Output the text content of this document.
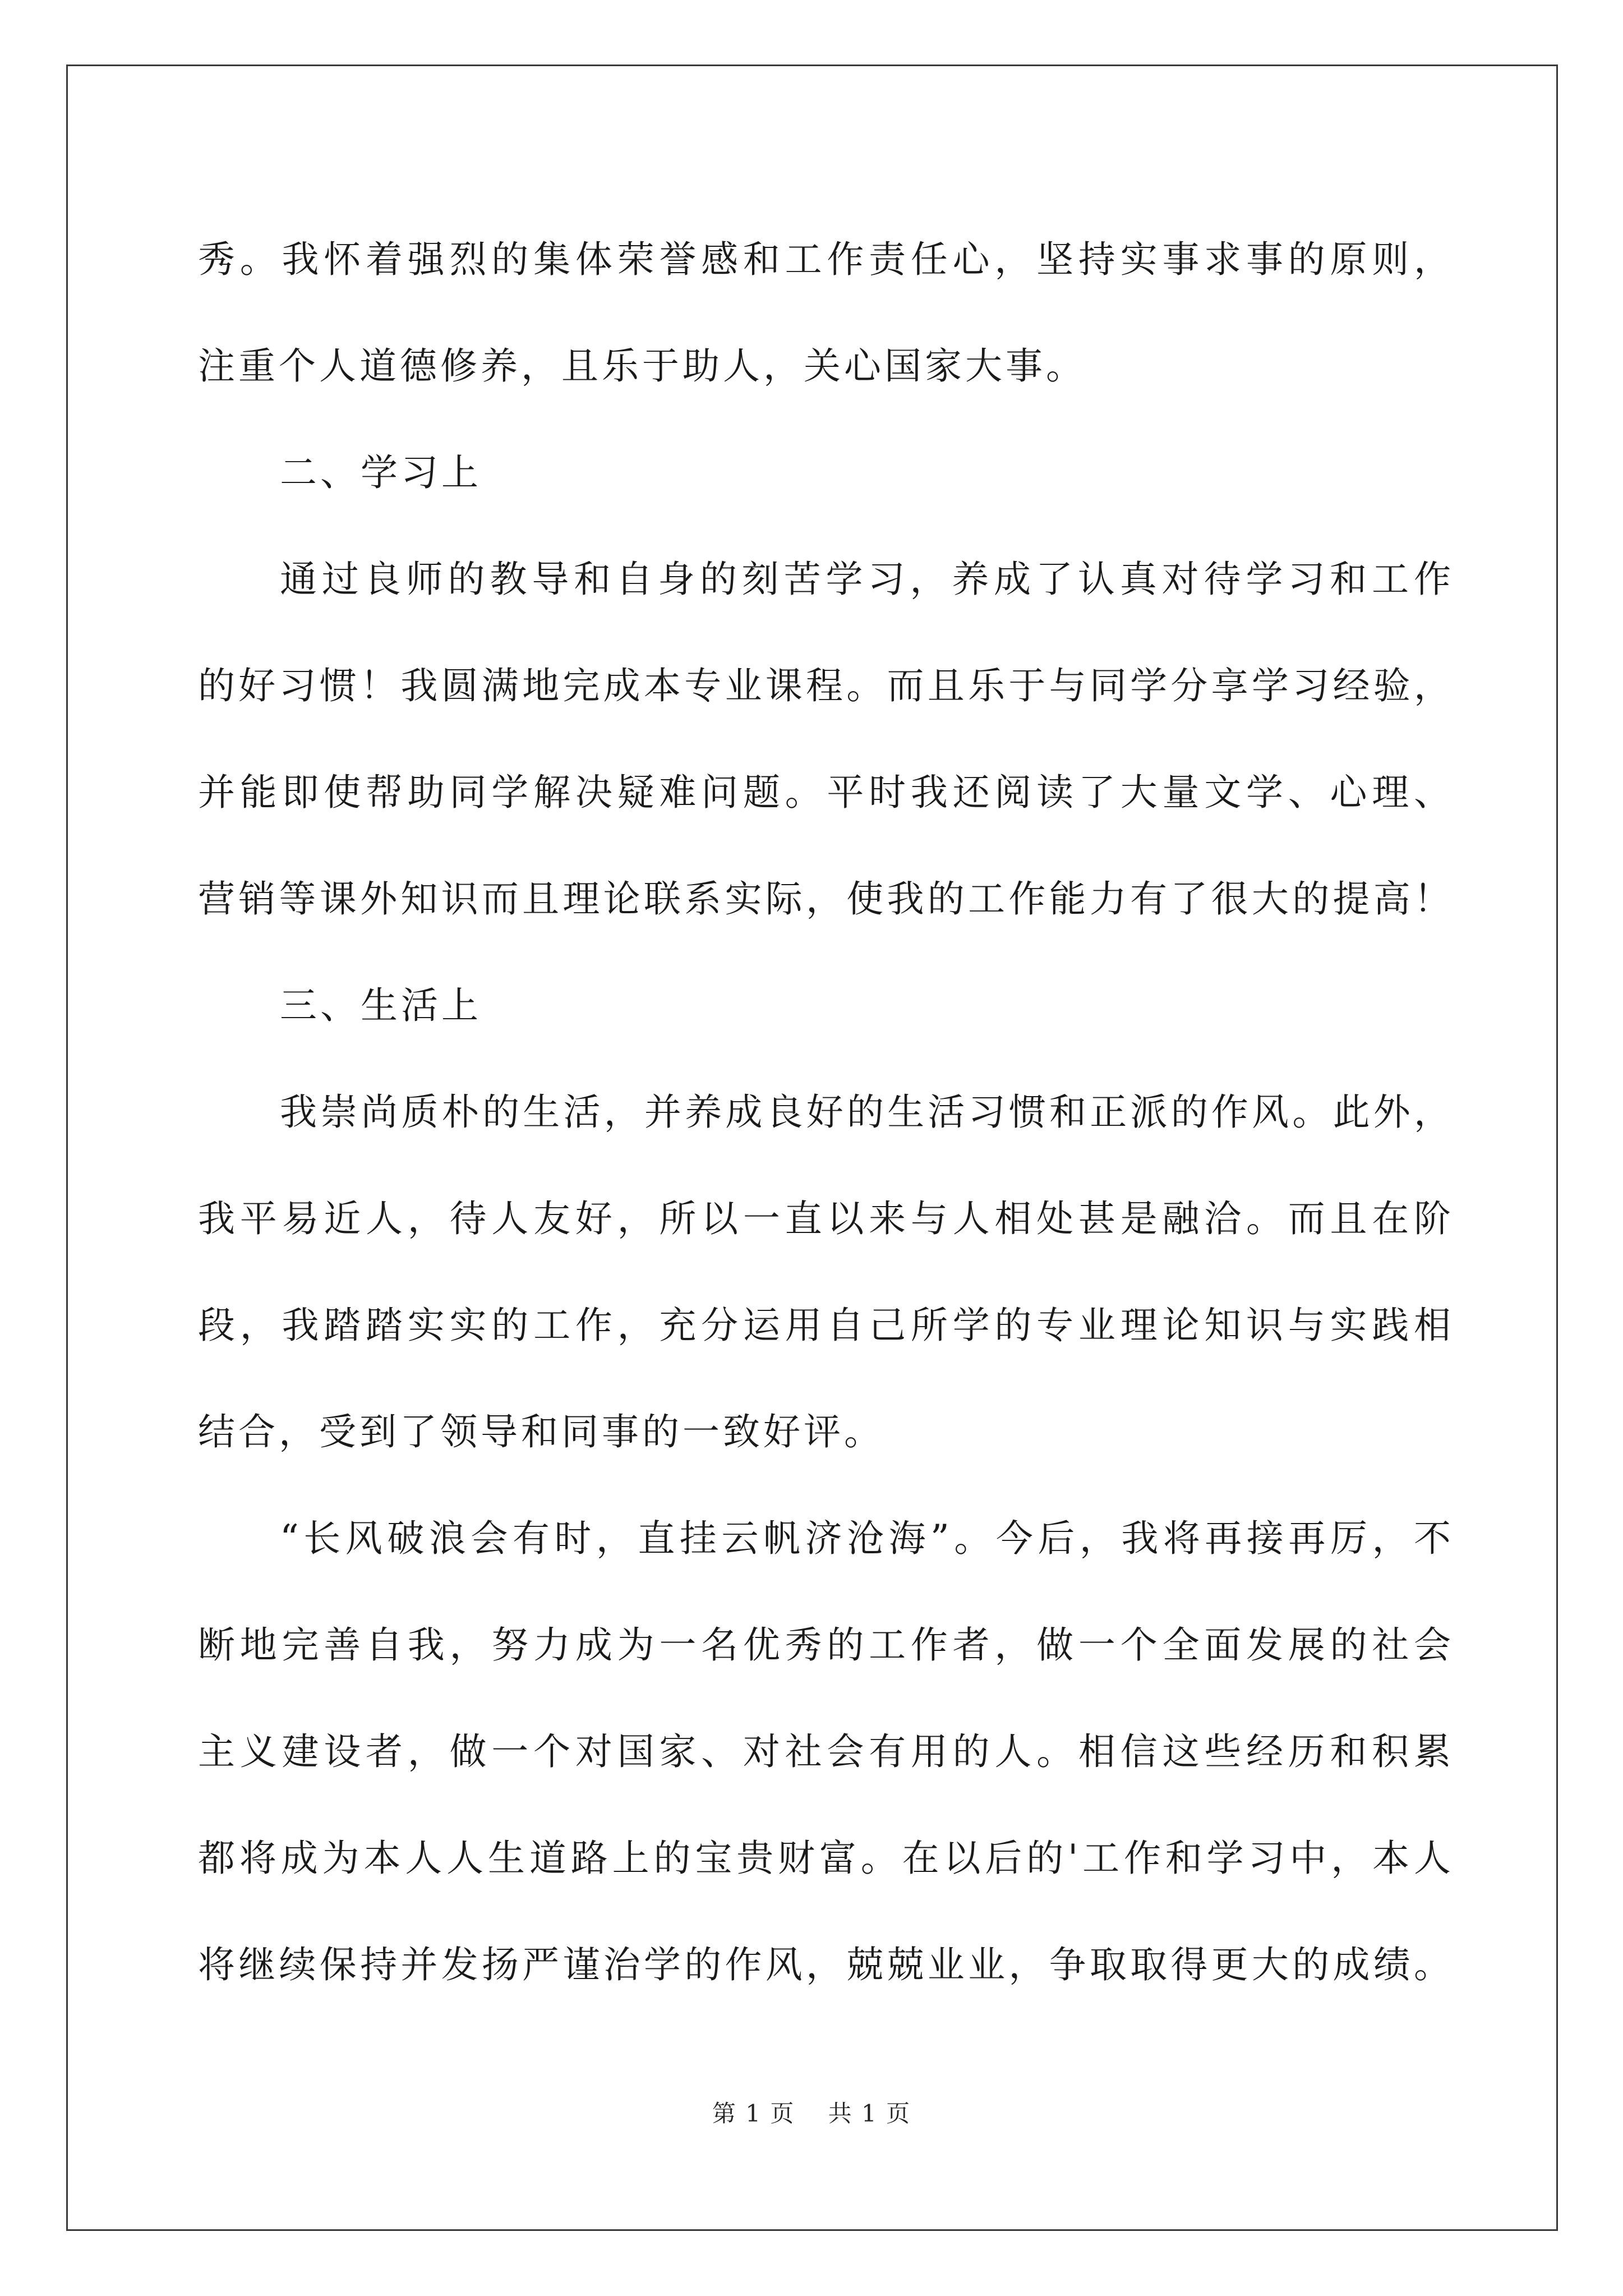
秀。我怀着强烈的集体荣誉感和工作责任心，坚持实事求事的原则，
注重个人道德修养，且乐于助人，关心国家大事。
二、学习上
通过良师的教导和自身的刻苦学习，养成了认真对待学习和工作
的好习惯！我圆满地完成本专业课程。而且乐于与同学分享学习经验，
并能即使帮助同学解决疑难问题。平时我还阅读了大量文学、心理、
营销等课外知识而且理论联系实际，使我的工作能力有了很大的提高！
三、生活上
我崇尚质朴的生活，并养成良好的生活习惯和正派的作风。此外，
我平易近人，待人友好，所以一直以来与人相处甚是融洽。而且在阶
段，我踏踏实实的工作，充分运用自己所学的专业理论知识与实践相
结合，受到了领导和同事的一致好评。
“长风破浪会有时，直挂云帆济沧海”。今后，我将再接再厉，不
断地完善自我，努力成为一名优秀的工作者，做一个全面发展的社会
主义建设者，做一个对国家、对社会有用的人。相信这些经历和积累
都将成为本人人生道路上的宝贵财富。在以后的'工作和学习中，本人
将继续保持并发扬严谨治学的作风，兢兢业业，争取取得更大的成绩。
第 1 页　 共 1 页
